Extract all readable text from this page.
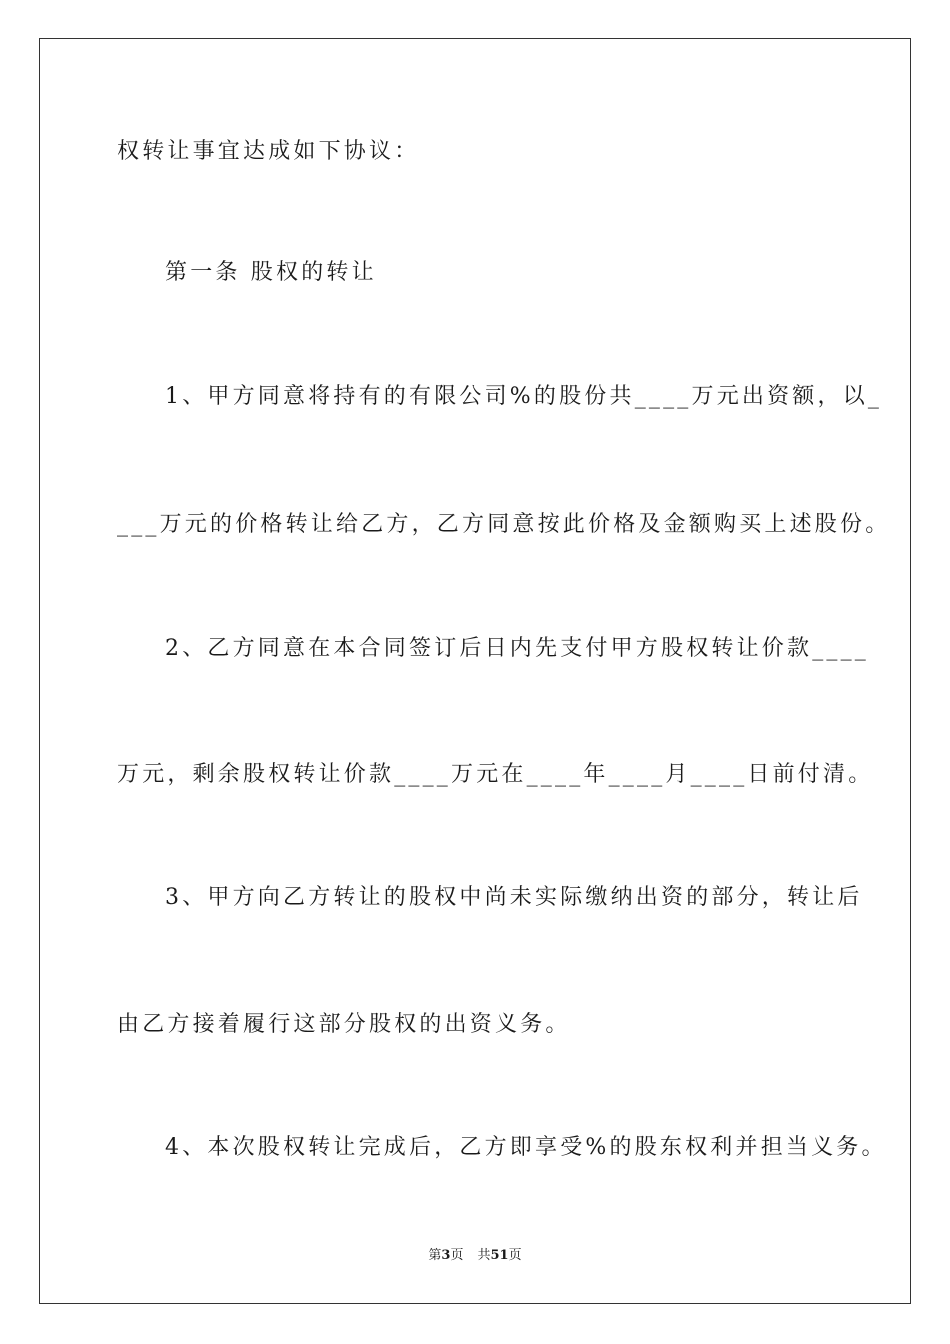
权转让事宜达成如下协议：
第一条 股权的转让
1、甲方同意将持有的有限公司%的股份共____万元出资额，以_
___万元的价格转让给乙方，乙方同意按此价格及金额购买上述股份。
2、乙方同意在本合同签订后日内先支付甲方股权转让价款____
万元，剩余股权转让价款____万元在____年____月____日前付清。
3、甲方向乙方转让的股权中尚未实际缴纳出资的部分，转让后
由乙方接着履行这部分股权的出资义务。
4、本次股权转让完成后，乙方即享受%的股东权利并担当义务。
第3页 共51页
